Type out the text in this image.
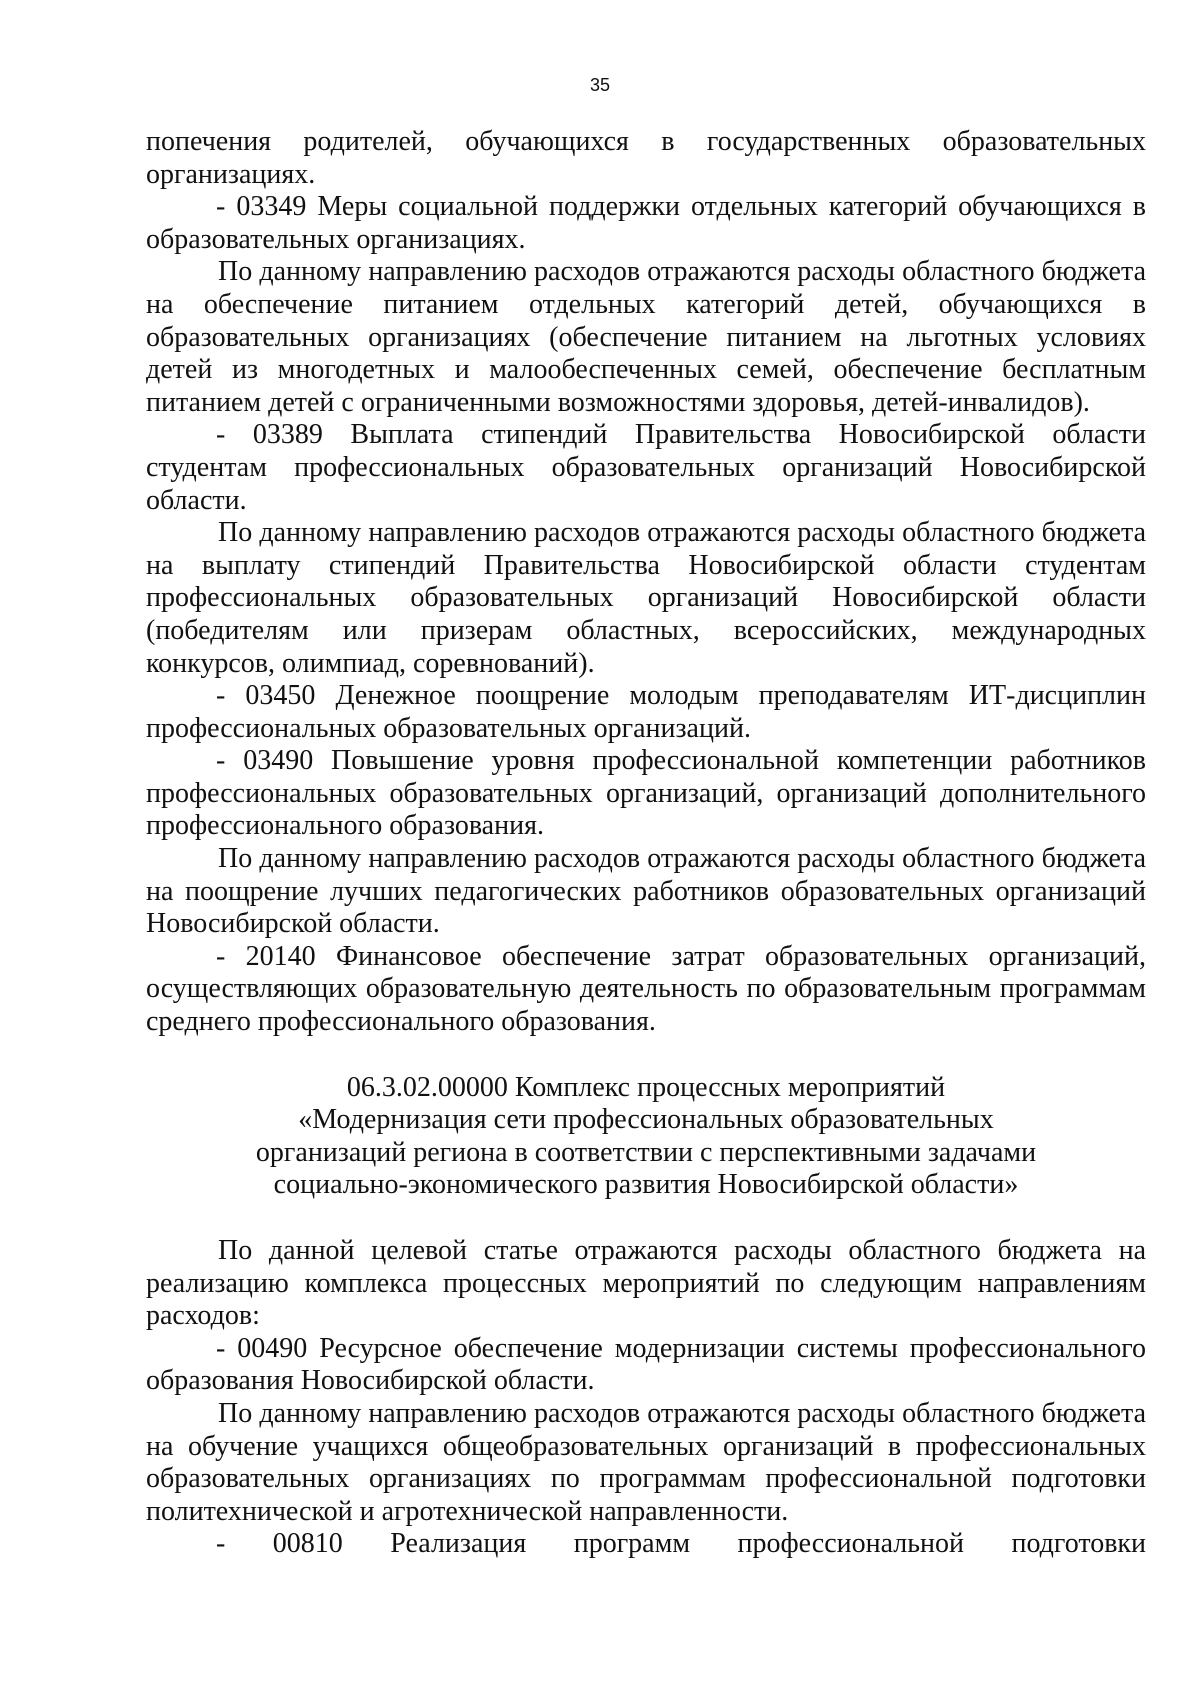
35

попечения родителей, обучающихся в государственных образовательных организациях.

- 03349 Меры социальной поддержки отдельных категорий обучающихся в образовательных организациях.

По данному направлению расходов отражаются расходы областного бюджета на обеспечение питанием отдельных категорий детей, обучающихся в образовательных организациях (обеспечение питанием на льготных условиях детей из многодетных и малообеспеченных семей, обеспечение бесплатным питанием детей с ограниченными возможностями здоровья, детей-инвалидов).

- 03389 Выплата стипендий Правительства Новосибирской области студентам профессиональных образовательных организаций Новосибирской области.

По данному направлению расходов отражаются расходы областного бюджета на выплату стипендий Правительства Новосибирской области студентам профессиональных образовательных организаций Новосибирской области (победителям или призерам областных, всероссийских, международных конкурсов, олимпиад, соревнований).

- 03450 Денежное поощрение молодым преподавателям ИТ-дисциплин профессиональных образовательных организаций.

- 03490 Повышение уровня профессиональной компетенции работников профессиональных образовательных организаций, организаций дополнительного профессионального образования.

По данному направлению расходов отражаются расходы областного бюджета на поощрение лучших педагогических работников образовательных организаций Новосибирской области.

- 20140 Финансовое обеспечение затрат образовательных организаций, осуществляющих образовательную деятельность по образовательным программам среднего профессионального образования.

06.3.02.00000 Комплекс процессных мероприятий
«Модернизация сети профессиональных образовательных
организаций региона в соответствии с перспективными задачами
социально-экономического развития Новосибирской области»

По данной целевой статье отражаются расходы областного бюджета на реализацию комплекса процессных мероприятий по следующим направлениям расходов:

- 00490 Ресурсное обеспечение модернизации системы профессионального образования Новосибирской области.

По данному направлению расходов отражаются расходы областного бюджета на обучение учащихся общеобразовательных организаций в профессиональных образовательных организациях по программам профессиональной подготовки политехнической и агротехнической направленности.

- 00810 Реализация программ профессиональной подготовки
